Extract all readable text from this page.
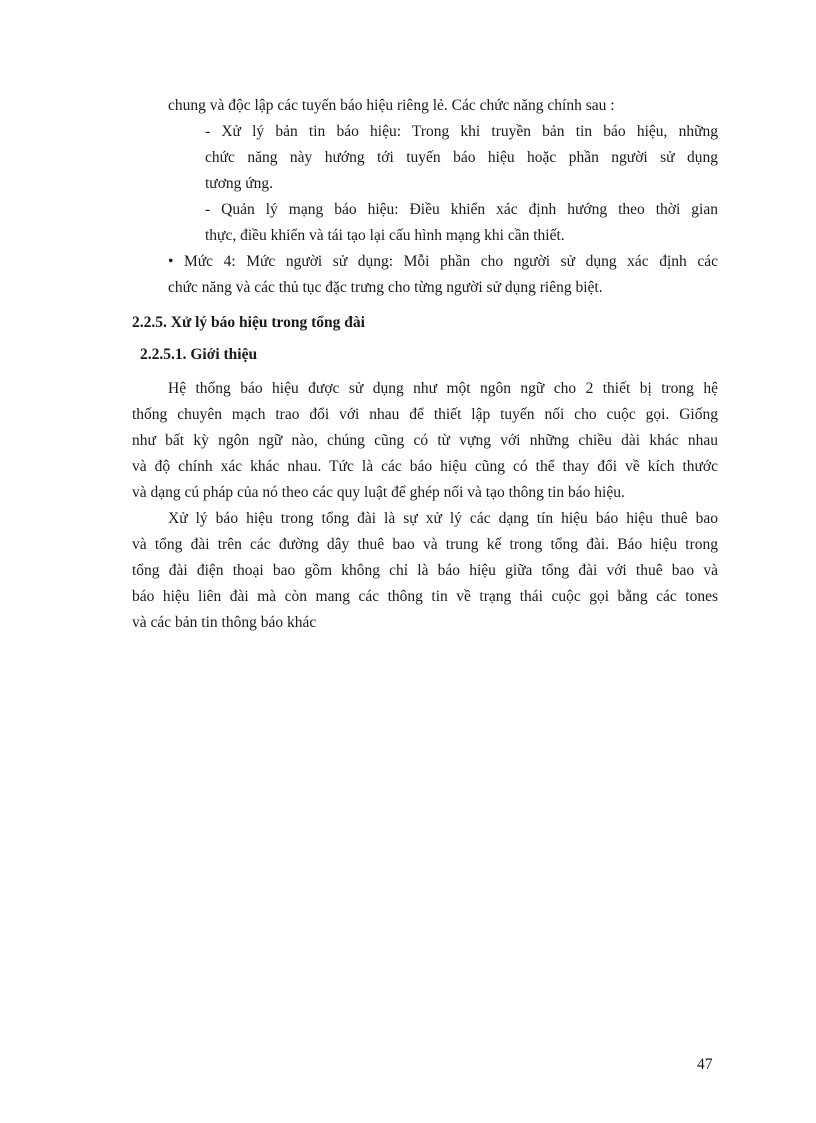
chung và độc lập các tuyến báo hiệu riêng lẻ. Các chức năng chính sau :
- Xử lý bản tin báo hiệu: Trong khi truyền bản tin báo hiệu, những
chức năng này hướng tới tuyến báo hiệu hoặc phần người sử dụng
tương ứng.
- Quản lý mạng báo hiệu: Điều khiển xác định hướng theo thời gian
thực, điều khiển và tái tạo lại cấu hình mạng khi cần thiết.
• Mức 4: Mức người sử dụng: Mỗi phần cho người sử dụng xác định các
chức năng và các thủ tục đặc trưng cho từng người sử dụng riêng biệt.
2.2.5. Xử lý báo hiệu trong tổng đài
2.2.5.1. Giới thiệu
Hệ thống báo hiệu được sử dụng như một ngôn ngữ cho 2 thiết bị trong hệ
thống chuyên mạch trao đổi với nhau để thiết lập tuyến nối cho cuộc gọi. Giống
như bất kỳ ngôn ngữ nào, chúng cũng có từ vựng với những chiều dài khác nhau
và độ chính xác khác nhau. Tức là các báo hiệu cũng có thể thay đổi về kích thước
và dạng cú pháp của nó theo các quy luật để ghép nối và tạo thông tin báo hiệu.
Xử lý báo hiệu trong tổng đài là sự xử lý các dạng tín hiệu báo hiệu thuê bao
và tổng đài trên các đường dây thuê bao và trung kế trong tổng đài. Báo hiệu trong
tổng đài điện thoại bao gồm không chỉ là báo hiệu giữa tổng đài với thuê bao và
báo hiệu liên đài mà còn mang các thông tin về trạng thái cuộc gọi bằng các tones
và các bản tin thông báo khác
47
